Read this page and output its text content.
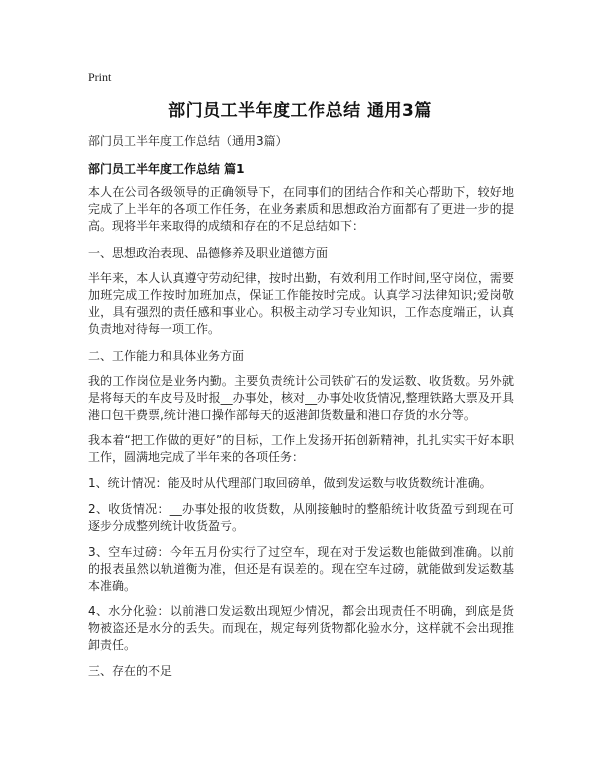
Print
部门员工半年度工作总结 通用3篇
部门员工半年度工作总结（通用3篇）
部门员工半年度工作总结 篇1
本人在公司各级领导的正确领导下，在同事们的团结合作和关心帮助下，较好地完成了上半年的各项工作任务，在业务素质和思想政治方面都有了更进一步的提高。现将半年来取得的成绩和存在的不足总结如下：
一、思想政治表现、品德修养及职业道德方面
半年来，本人认真遵守劳动纪律，按时出勤，有效利用工作时间,坚守岗位，需要加班完成工作按时加班加点，保证工作能按时完成。认真学习法律知识;爱岗敬业，具有强烈的责任感和事业心。积极主动学习专业知识，工作态度端正，认真负责地对待每一项工作。
二、工作能力和具体业务方面
我的工作岗位是业务内勤。主要负责统计公司铁矿石的发运数、收货数。另外就是将每天的车皮号及时报__办事处，核对__办事处收货情况,整理铁路大票及开具港口包干费票,统计港口操作部每天的返港卸货数量和港口存货的水分等。
我本着“把工作做的更好”的目标，工作上发扬开拓创新精神，扎扎实实干好本职工作，圆满地完成了半年来的各项任务：
1、统计情况：能及时从代理部门取回磅单，做到发运数与收货数统计准确。
2、收货情况：__办事处报的收货数，从刚接触时的整船统计收货盈亏到现在可逐步分成整列统计收货盈亏。
3、空车过磅：今年五月份实行了过空车，现在对于发运数也能做到准确。以前的报表虽然以轨道衡为准，但还是有误差的。现在空车过磅，就能做到发运数基本准确。
4、水分化验：以前港口发运数出现短少情况，都会出现责任不明确，到底是货物被盗还是水分的丢失。而现在，规定每列货物都化验水分，这样就不会出现推卸责任。
三、存在的不足
